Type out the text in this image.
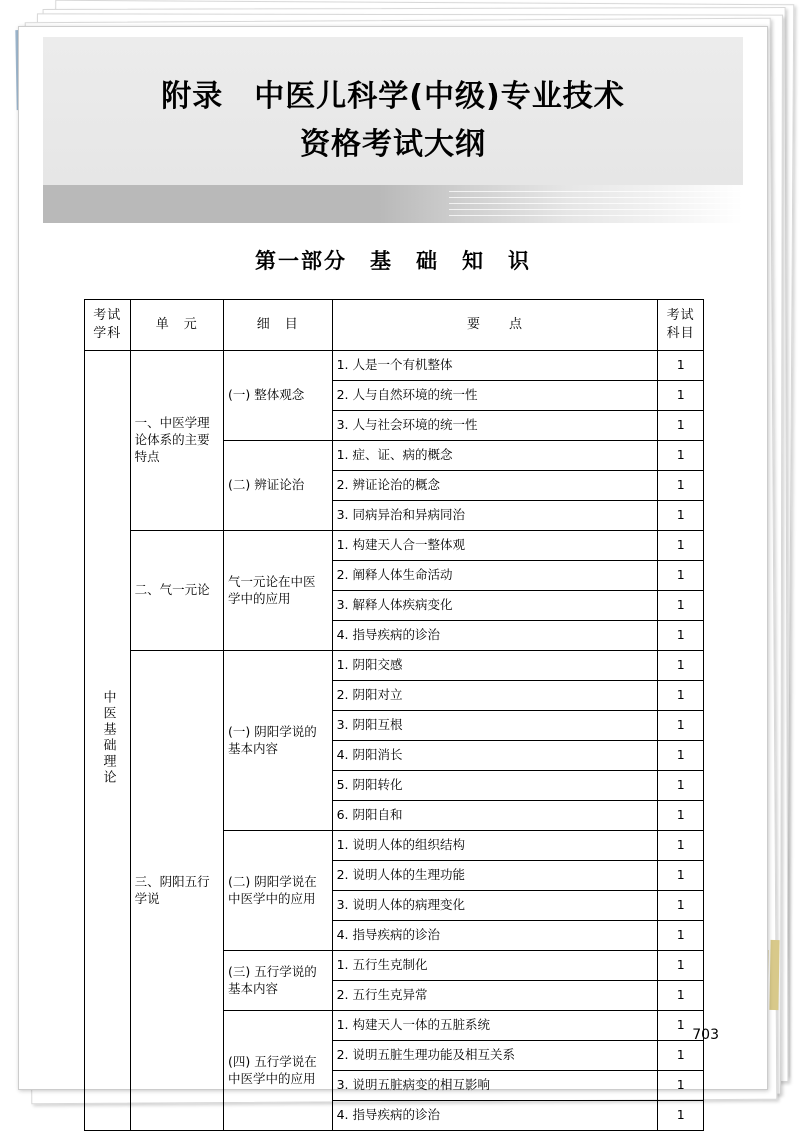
附录　中医儿科学(中级)专业技术
资格考试大纲
第一部分　基　础　知　识
考试
学科	单　元	细　目	要　　点	考试
科目
中医基础理论	一、中医学理论体系的主要特点	(一) 整体观念	1. 人是一个有机整体	1
			2. 人与自然环境的统一性	1
			3. 人与社会环境的统一性	1
		(二) 辨证论治	1. 症、证、病的概念	1
			2. 辨证论治的概念	1
			3. 同病异治和异病同治	1
	二、气一元论	气一元论在中医学中的应用	1. 构建天人合一整体观	1
			2. 阐释人体生命活动	1
			3. 解释人体疾病变化	1
			4. 指导疾病的诊治	1
	三、阴阳五行学说	(一) 阴阳学说的基本内容	1. 阴阳交感	1
			2. 阴阳对立	1
			3. 阴阳互根	1
			4. 阴阳消长	1
			5. 阴阳转化	1
			6. 阴阳自和	1
		(二) 阴阳学说在中医学中的应用	1. 说明人体的组织结构	1
			2. 说明人体的生理功能	1
			3. 说明人体的病理变化	1
			4. 指导疾病的诊治	1
		(三) 五行学说的基本内容	1. 五行生克制化	1
			2. 五行生克异常	1
		(四) 五行学说在中医学中的应用	1. 构建天人一体的五脏系统	1
			2. 说明五脏生理功能及相互关系	1
			3. 说明五脏病变的相互影响	1
			4. 指导疾病的诊治	1
703
